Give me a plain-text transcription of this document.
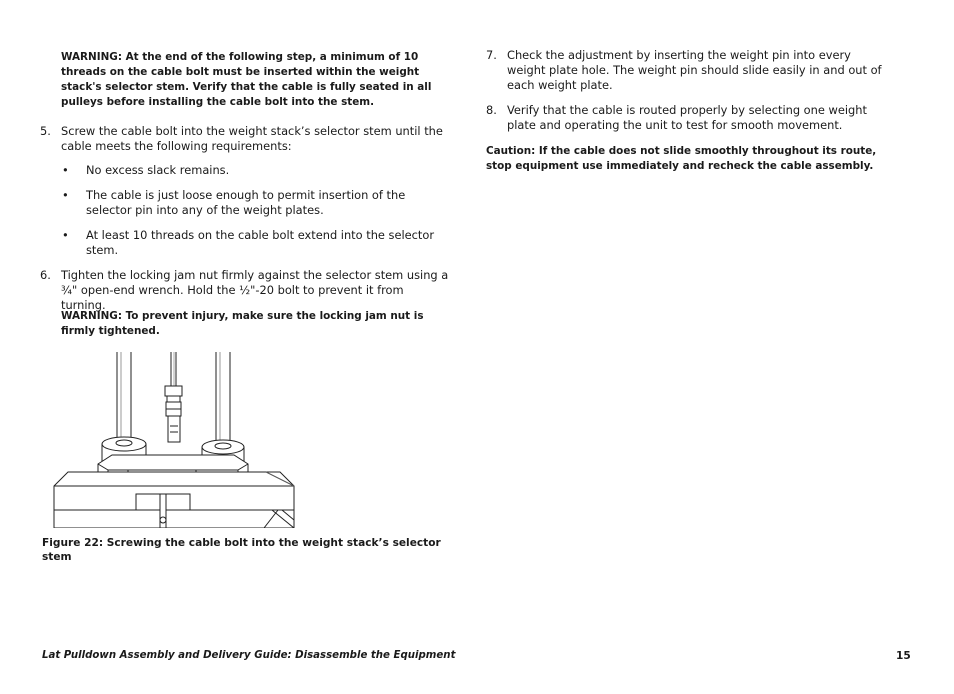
WARNING: At the end of the following step, a minimum of 10 threads on the cable bolt must be inserted within the weight stack's selector stem. Verify that the cable is fully seated in all pulleys before installing the cable bolt into the stem.

5. Screw the cable bolt into the weight stack’s selector stem until the cable meets the following requirements:

• No excess slack remains.

• The cable is just loose enough to permit insertion of the selector pin into any of the weight plates.

• At least 10 threads on the cable bolt extend into the selector stem.

6. Tighten the locking jam nut firmly against the selector stem using a ¾" open-end wrench. Hold the ½"-20 bolt to prevent it from turning.

WARNING: To prevent injury, make sure the locking jam nut is firmly tightened.

Figure 22: Screwing the cable bolt into the weight stack’s selector stem

7. Check the adjustment by inserting the weight pin into every weight plate hole. The weight pin should slide easily in and out of each weight plate.

8. Verify that the cable is routed properly by selecting one weight plate and operating the unit to test for smooth movement.

Caution: If the cable does not slide smoothly throughout its route, stop equipment use immediately and recheck the cable assembly.

Lat Pulldown Assembly and Delivery Guide: Disassemble the Equipment	15
